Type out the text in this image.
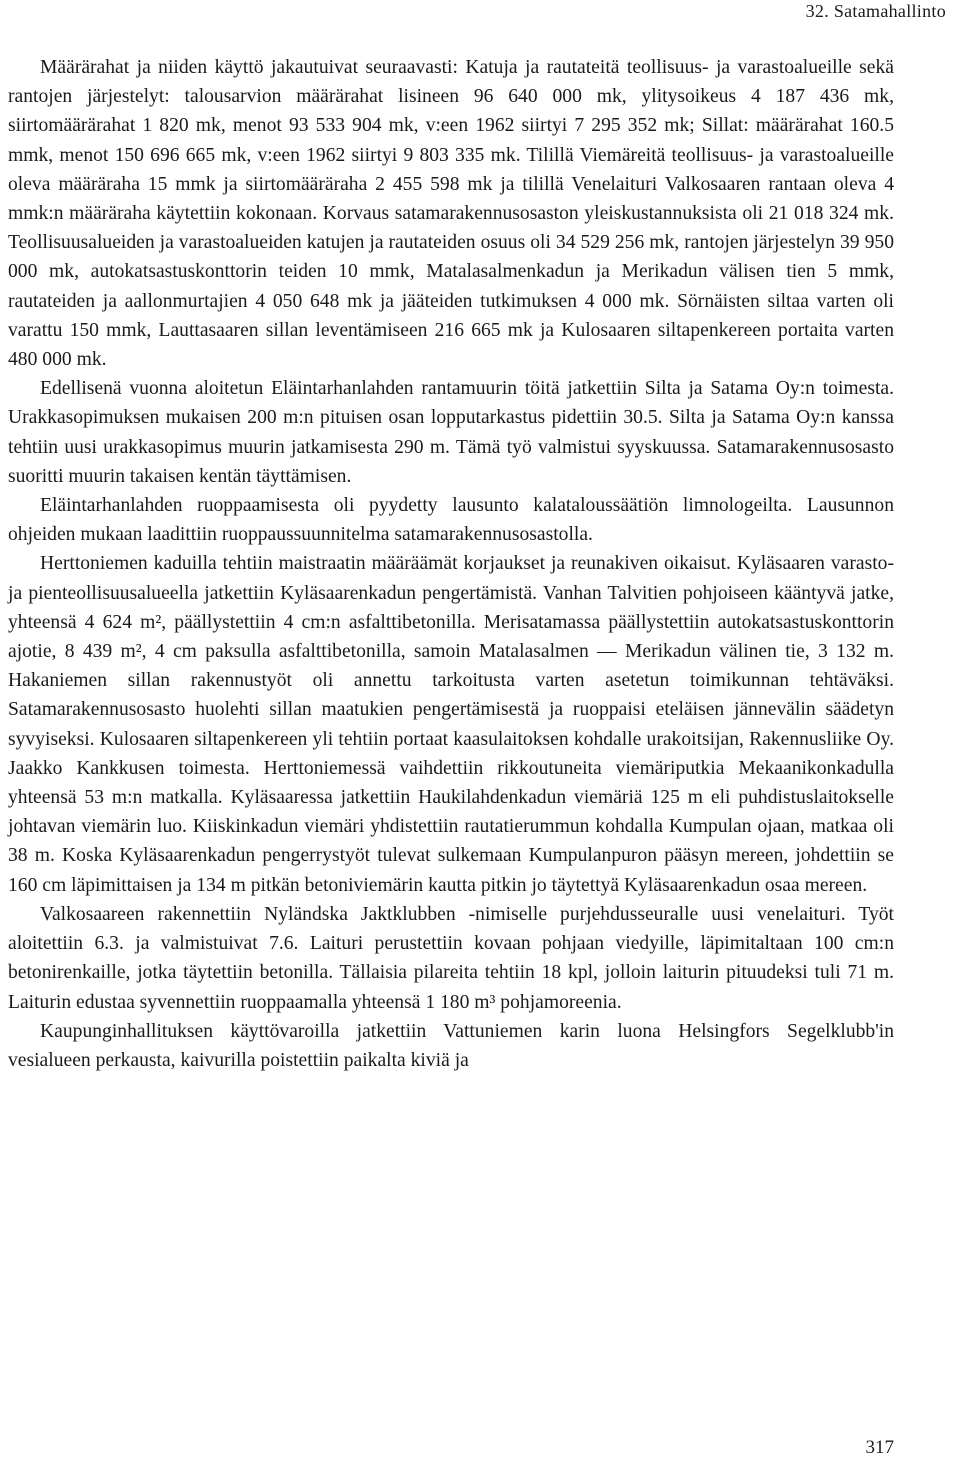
32. Satamahallinto

Määrärahat ja niiden käyttö jakautuivat seuraavasti: Katuja ja rautateitä teollisuus- ja varastoalueille sekä rantojen järjestelyt: talousarvion määrärahat lisineen 96 640 000 mk, ylitysoikeus 4 187 436 mk, siirtomäärärahat 1 820 mk, menot 93 533 904 mk, v:een 1962 siirtyi 7 295 352 mk; Sillat: määrärahat 160.5 mmk, menot 150 696 665 mk, v:een 1962 siirtyi 9 803 335 mk. Tilillä Viemäreitä teollisuus- ja varastoalueille oleva määräraha 15 mmk ja siirtomääräraha 2 455 598 mk ja tilillä Venelaituri Valkosaaren rantaan oleva 4 mmk:n määräraha käytettiin kokonaan. Korvaus satamarakennusosaston yleiskustannuksista oli 21 018 324 mk. Teollisuusalueiden ja varastoalueiden katujen ja rautateiden osuus oli 34 529 256 mk, rantojen järjestelyn 39 950 000 mk, autokatsastuskonttorin teiden 10 mmk, Matalasalmenkadun ja Merikadun välisen tien 5 mmk, rautateiden ja aallonmurtajien 4 050 648 mk ja jääteiden tutkimuksen 4 000 mk. Sörnäisten siltaa varten oli varattu 150 mmk, Lauttasaaren sillan leventämiseen 216 665 mk ja Kulosaaren siltapenkereen portaita varten 480 000 mk.

Edellisenä vuonna aloitetun Eläintarhanlahden rantamuurin töitä jatkettiin Silta ja Satama Oy:n toimesta. Urakkasopimuksen mukaisen 200 m:n pituisen osan lopputarkastus pidettiin 30.5. Silta ja Satama Oy:n kanssa tehtiin uusi urakkasopimus muurin jatkamisesta 290 m. Tämä työ valmistui syyskuussa. Satamarakennusosasto suoritti muurin takaisen kentän täyttämisen.

Eläintarhanlahden ruoppaamisesta oli pyydetty lausunto kalataloussäätiön limnologeilta. Lausunnon ohjeiden mukaan laadittiin ruoppaussuunnitelma satamarakennusosastolla.

Herttoniemen kaduilla tehtiin maistraatin määräämät korjaukset ja reunakiven oikaisut. Kyläsaaren varasto- ja pienteollisuusalueella jatkettiin Kyläsaarenkadun pengertämistä. Vanhan Talvitien pohjoiseen kääntyvä jatke, yhteensä 4 624 m², päällystettiin 4 cm:n asfalttibetonilla. Merisatamassa päällystettiin autokatsastuskonttorin ajotie, 8 439 m², 4 cm paksulla asfalttibetonilla, samoin Matalasalmen — Merikadun välinen tie, 3 132 m. Hakaniemen sillan rakennustyöt oli annettu tarkoitusta varten asetetun toimikunnan tehtäväksi. Satamarakennusosasto huolehti sillan maatukien pengertämisestä ja ruoppaisi eteläisen jännevälin säädetyn syvyiseksi. Kulosaaren siltapenkereen yli tehtiin portaat kaasulaitoksen kohdalle urakoitsijan, Rakennusliike Oy. Jaakko Kankkusen toimesta. Herttoniemessä vaihdettiin rikkoutuneita viemäriputkia Mekaanikonkadulla yhteensä 53 m:n matkalla. Kyläsaaressa jatkettiin Haukilahdenkadun viemäriä 125 m eli puhdistuslaitokselle johtavan viemärin luo. Kiiskinkadun viemäri yhdistettiin rautatierummun kohdalla Kumpulan ojaan, matkaa oli 38 m. Koska Kyläsaarenkadun pengerrystyöt tulevat sulkemaan Kumpulanpuron pääsyn mereen, johdettiin se 160 cm läpimittaisen ja 134 m pitkän betoniviemärin kautta pitkin jo täytettyä Kyläsaarenkadun osaa mereen.

Valkosaareen rakennettiin Nyländska Jaktklubben -nimiselle purjehdusseuralle uusi venelaituri. Työt aloitettiin 6.3. ja valmistuivat 7.6. Laituri perustettiin kovaan pohjaan viedyille, läpimitaltaan 100 cm:n betonirenkaille, jotka täytettiin betonilla. Tällaisia pilareita tehtiin 18 kpl, jolloin laiturin pituudeksi tuli 71 m. Laiturin edustaa syvennettiin ruoppaamalla yhteensä 1 180 m³ pohjamoreenia.

Kaupunginhallituksen käyttövaroilla jatkettiin Vattuniemen karin luona Helsingfors Segelklubb'in vesialueen perkausta, kaivurilla poistettiin paikalta kiviä ja

317
